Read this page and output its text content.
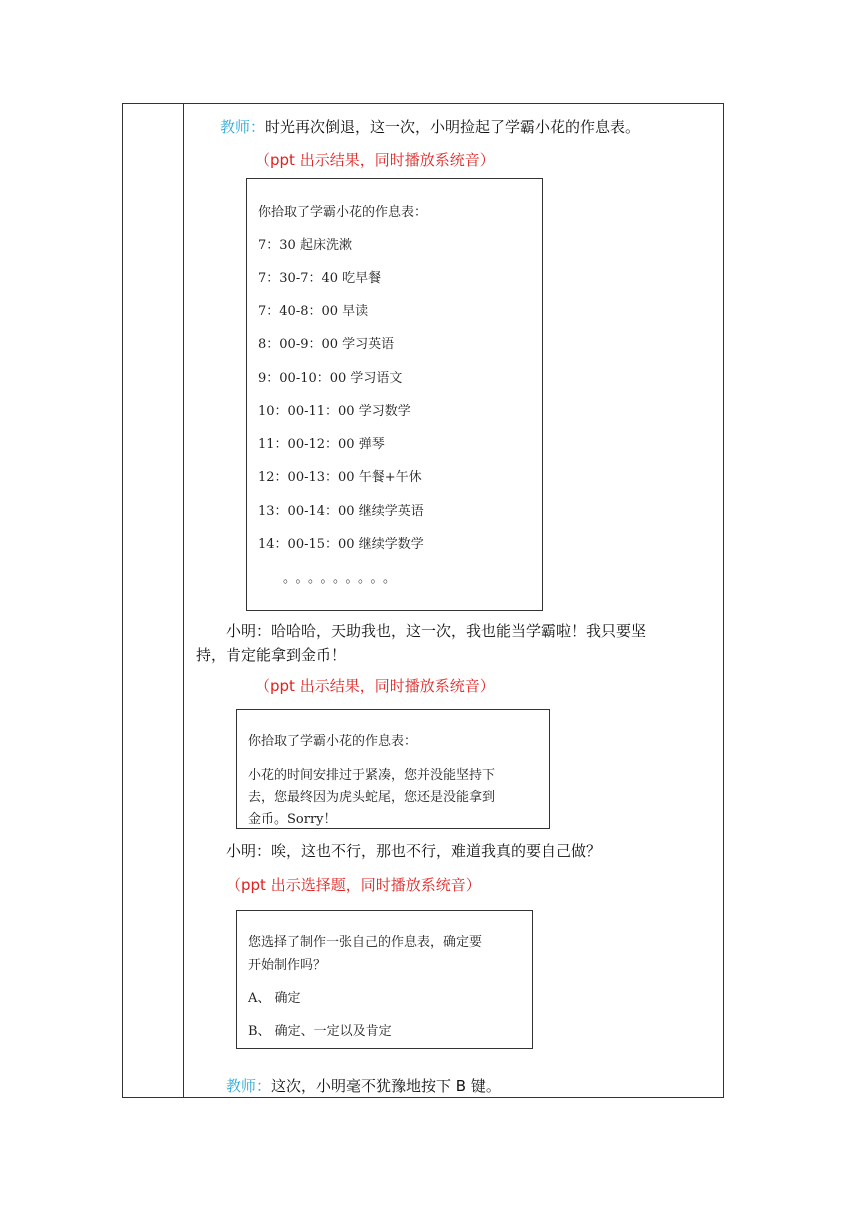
教师：时光再次倒退，这一次，小明捡起了学霸小花的作息表。
（ppt 出示结果，同时播放系统音）
你拾取了学霸小花的作息表：
7：30 起床洗漱
7：30-7：40 吃早餐
7：40-8：00 早读
8：00-9：00 学习英语
9：00-10：00 学习语文
10：00-11：00 学习数学
11：00-12：00 弹琴
12：00-13：00 午餐+午休
13：00-14：00 继续学英语
14：00-15：00 继续学数学
。。。。。。。。。
小明：哈哈哈，天助我也，这一次，我也能当学霸啦！我只要坚
持，肯定能拿到金币！
（ppt 出示结果，同时播放系统音）
你拾取了学霸小花的作息表：
小花的时间安排过于紧凑，您并没能坚持下
去，您最终因为虎头蛇尾，您还是没能拿到
金币。Sorry！
小明：唉，这也不行，那也不行，难道我真的要自己做？
（ppt 出示选择题，同时播放系统音）
您选择了制作一张自己的作息表，确定要
开始制作吗？
A、 确定
B、 确定、一定以及肯定
教师：这次，小明毫不犹豫地按下 B 键。
